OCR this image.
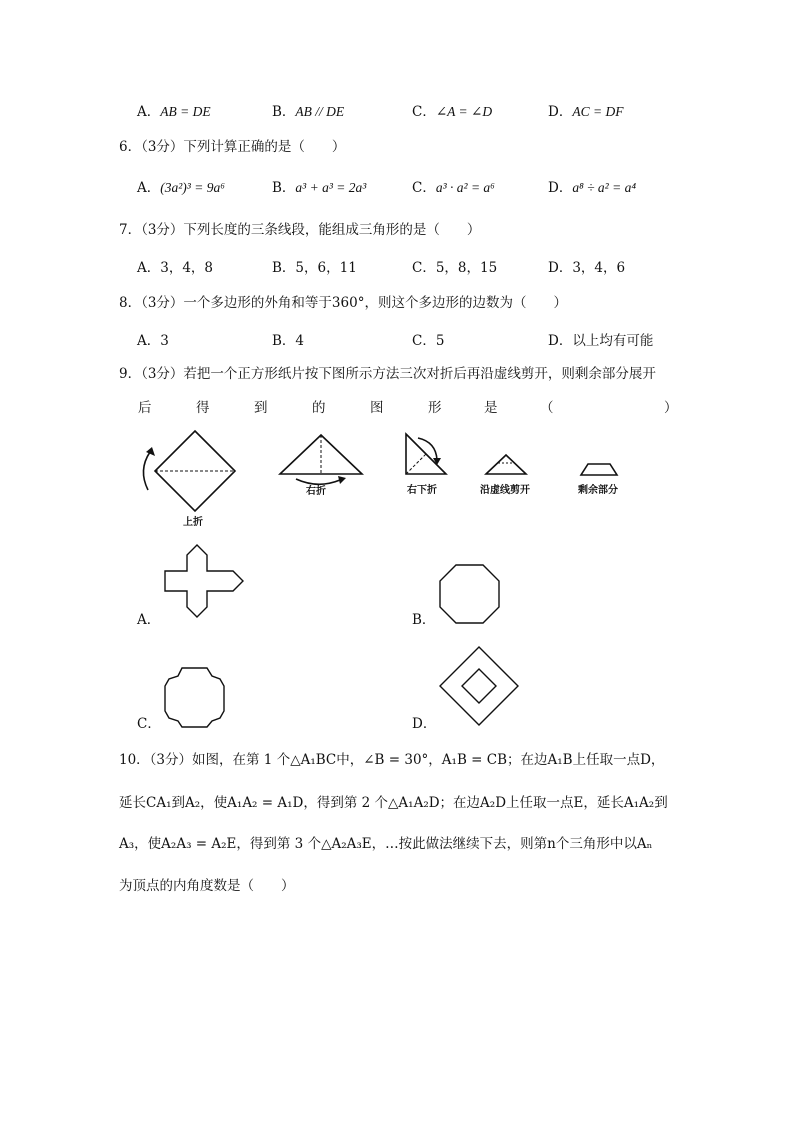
A．AB = DE	B．AB // DE	C．∠A = ∠D	D．AC = DF
6．（3分）下列计算正确的是（　　）
A．(3a²)³ = 9a⁶	B．a³ + a³ = 2a³	C．a³ · a² = a⁶	D．a⁸ ÷ a² = a⁴
7．（3分）下列长度的三条线段，能组成三角形的是（　　）
A．3，4，8	B．5，6，11	C．5，8，15	D．3，4，6
8．（3分）一个多边形的外角和等于360°，则这个多边形的边数为（　　）
A．3	B．4	C．5	D．以上均有可能
9．（3分）若把一个正方形纸片按下图所示方法三次对折后再沿虚线剪开，则剩余部分展开
后	得	到	的	图	形	是	（	）
上折
右折	右下折	沿虚线剪开	剩余部分
A．	B．
C．	D．
10．（3分）如图，在第 1 个△A₁BC中，∠B = 30°，A₁B = CB；在边A₁B上任取一点D，
延长CA₁到A₂，使A₁A₂ = A₁D，得到第 2 个△A₁A₂D；在边A₂D上任取一点E，延长A₁A₂到
A₃，使A₂A₃ = A₂E，得到第 3 个△A₂A₃E，…按此做法继续下去，则第n个三角形中以Aₙ
为顶点的内角度数是（　　）
